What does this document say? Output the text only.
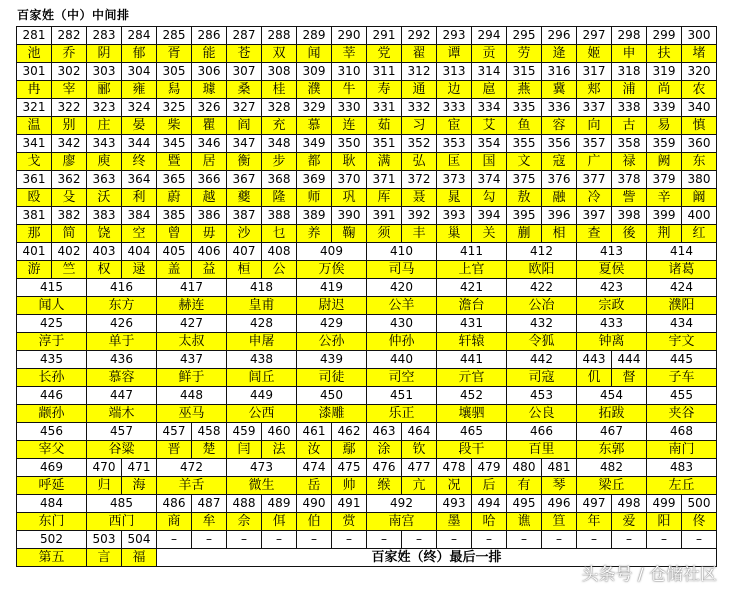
百家姓（中）中间排
281	282	283	284	285	286	287	288	289	290	291	292	293	294	295	296	297	298	299	300	
池	乔	阴	郁	胥	能	苍	双	闻	莘	党	翟	谭	贡	劳	逄	姬	申	扶	堵	
301	302	303	304	305	306	307	308	309	310	311	312	313	314	315	316	317	318	319	320	
冉	宰	郦	雍	舄	璩	桑	桂	濮	牛	寿	通	边	扈	燕	冀	郏	浦	尚	农	
321	322	323	324	325	326	327	328	329	330	331	332	333	334	335	336	337	338	339	340	
温	别	庄	晏	柴	瞿	阎	充	慕	连	茹	习	宦	艾	鱼	容	向	古	易	慎	
341	342	343	344	345	346	347	348	349	350	351	352	353	354	355	356	357	358	359	360	
戈	廖	庾	终	暨	居	衡	步	都	耿	满	弘	匡	国	文	寇	广	禄	阙	东	
361	362	363	364	365	366	367	368	369	370	371	372	373	374	375	376	377	378	379	380	
殴	殳	沃	利	蔚	越	夔	隆	师	巩	厍	聂	晁	勾	敖	融	冷	訾	辛	阚	
381	382	383	384	385	386	387	388	389	390	391	392	393	394	395	396	397	398	399	400	
那	简	饶	空	曾	毋	沙	乜	养	鞠	须	丰	巢	关	蒯	相	查	後	荆	红	
401	402	403	404	405	406	407	408	409		410		411		412		413		414		
游	竺	权	逯	盖	益	桓	公	万俟		司马		上官		欧阳		夏侯		诸葛		
415		416		417		418		419		420		421		422		423		424		
闻人		东方		赫连		皇甫		尉迟		公羊		澹台		公冶		宗政		濮阳		
425		426		427		428		429		430		431		432		433		434		
淳于		单于		太叔		申屠		公孙		仲孙		轩辕		令狐		钟离		宇文		
435		436		437		438		439		440		441		442		443	444	445		
长孙		慕容		鲜于		闾丘		司徒		司空		亓官		司寇		仉	督	子车		
446		447		448		449		450		451		452		453		454		455		
颛孙		端木		巫马		公西		漆雕		乐正		壤驷		公良		拓跋		夹谷		
456		457		457	458	459	460	461	462	463	464	465		466		467		468		
宰父		谷粱		晋	楚	闫	法	汝	鄢	涂	钦	段干		百里		东郭		南门		
469		470	471	472		473		474	475	476	477	478	479	480	481	482		483		
呼延		归	海	羊舌		微生		岳	帅	缑	亢	况	后	有	琴	梁丘		左丘		
484		485		486	487	488	489	490	491	492		493	494	495	496	497	498	499	500	
东门		西门		商	牟	佘	佴	伯	赏	南宫		墨	哈	谯	笪	年	爱	阳	佟	
502		503	504	–	–	–	–	–	–	–	–	–	–	–	–	–	–	–	–	
第五		言	福	百家姓（终）最后一排																
头条号 / 仓储社区
